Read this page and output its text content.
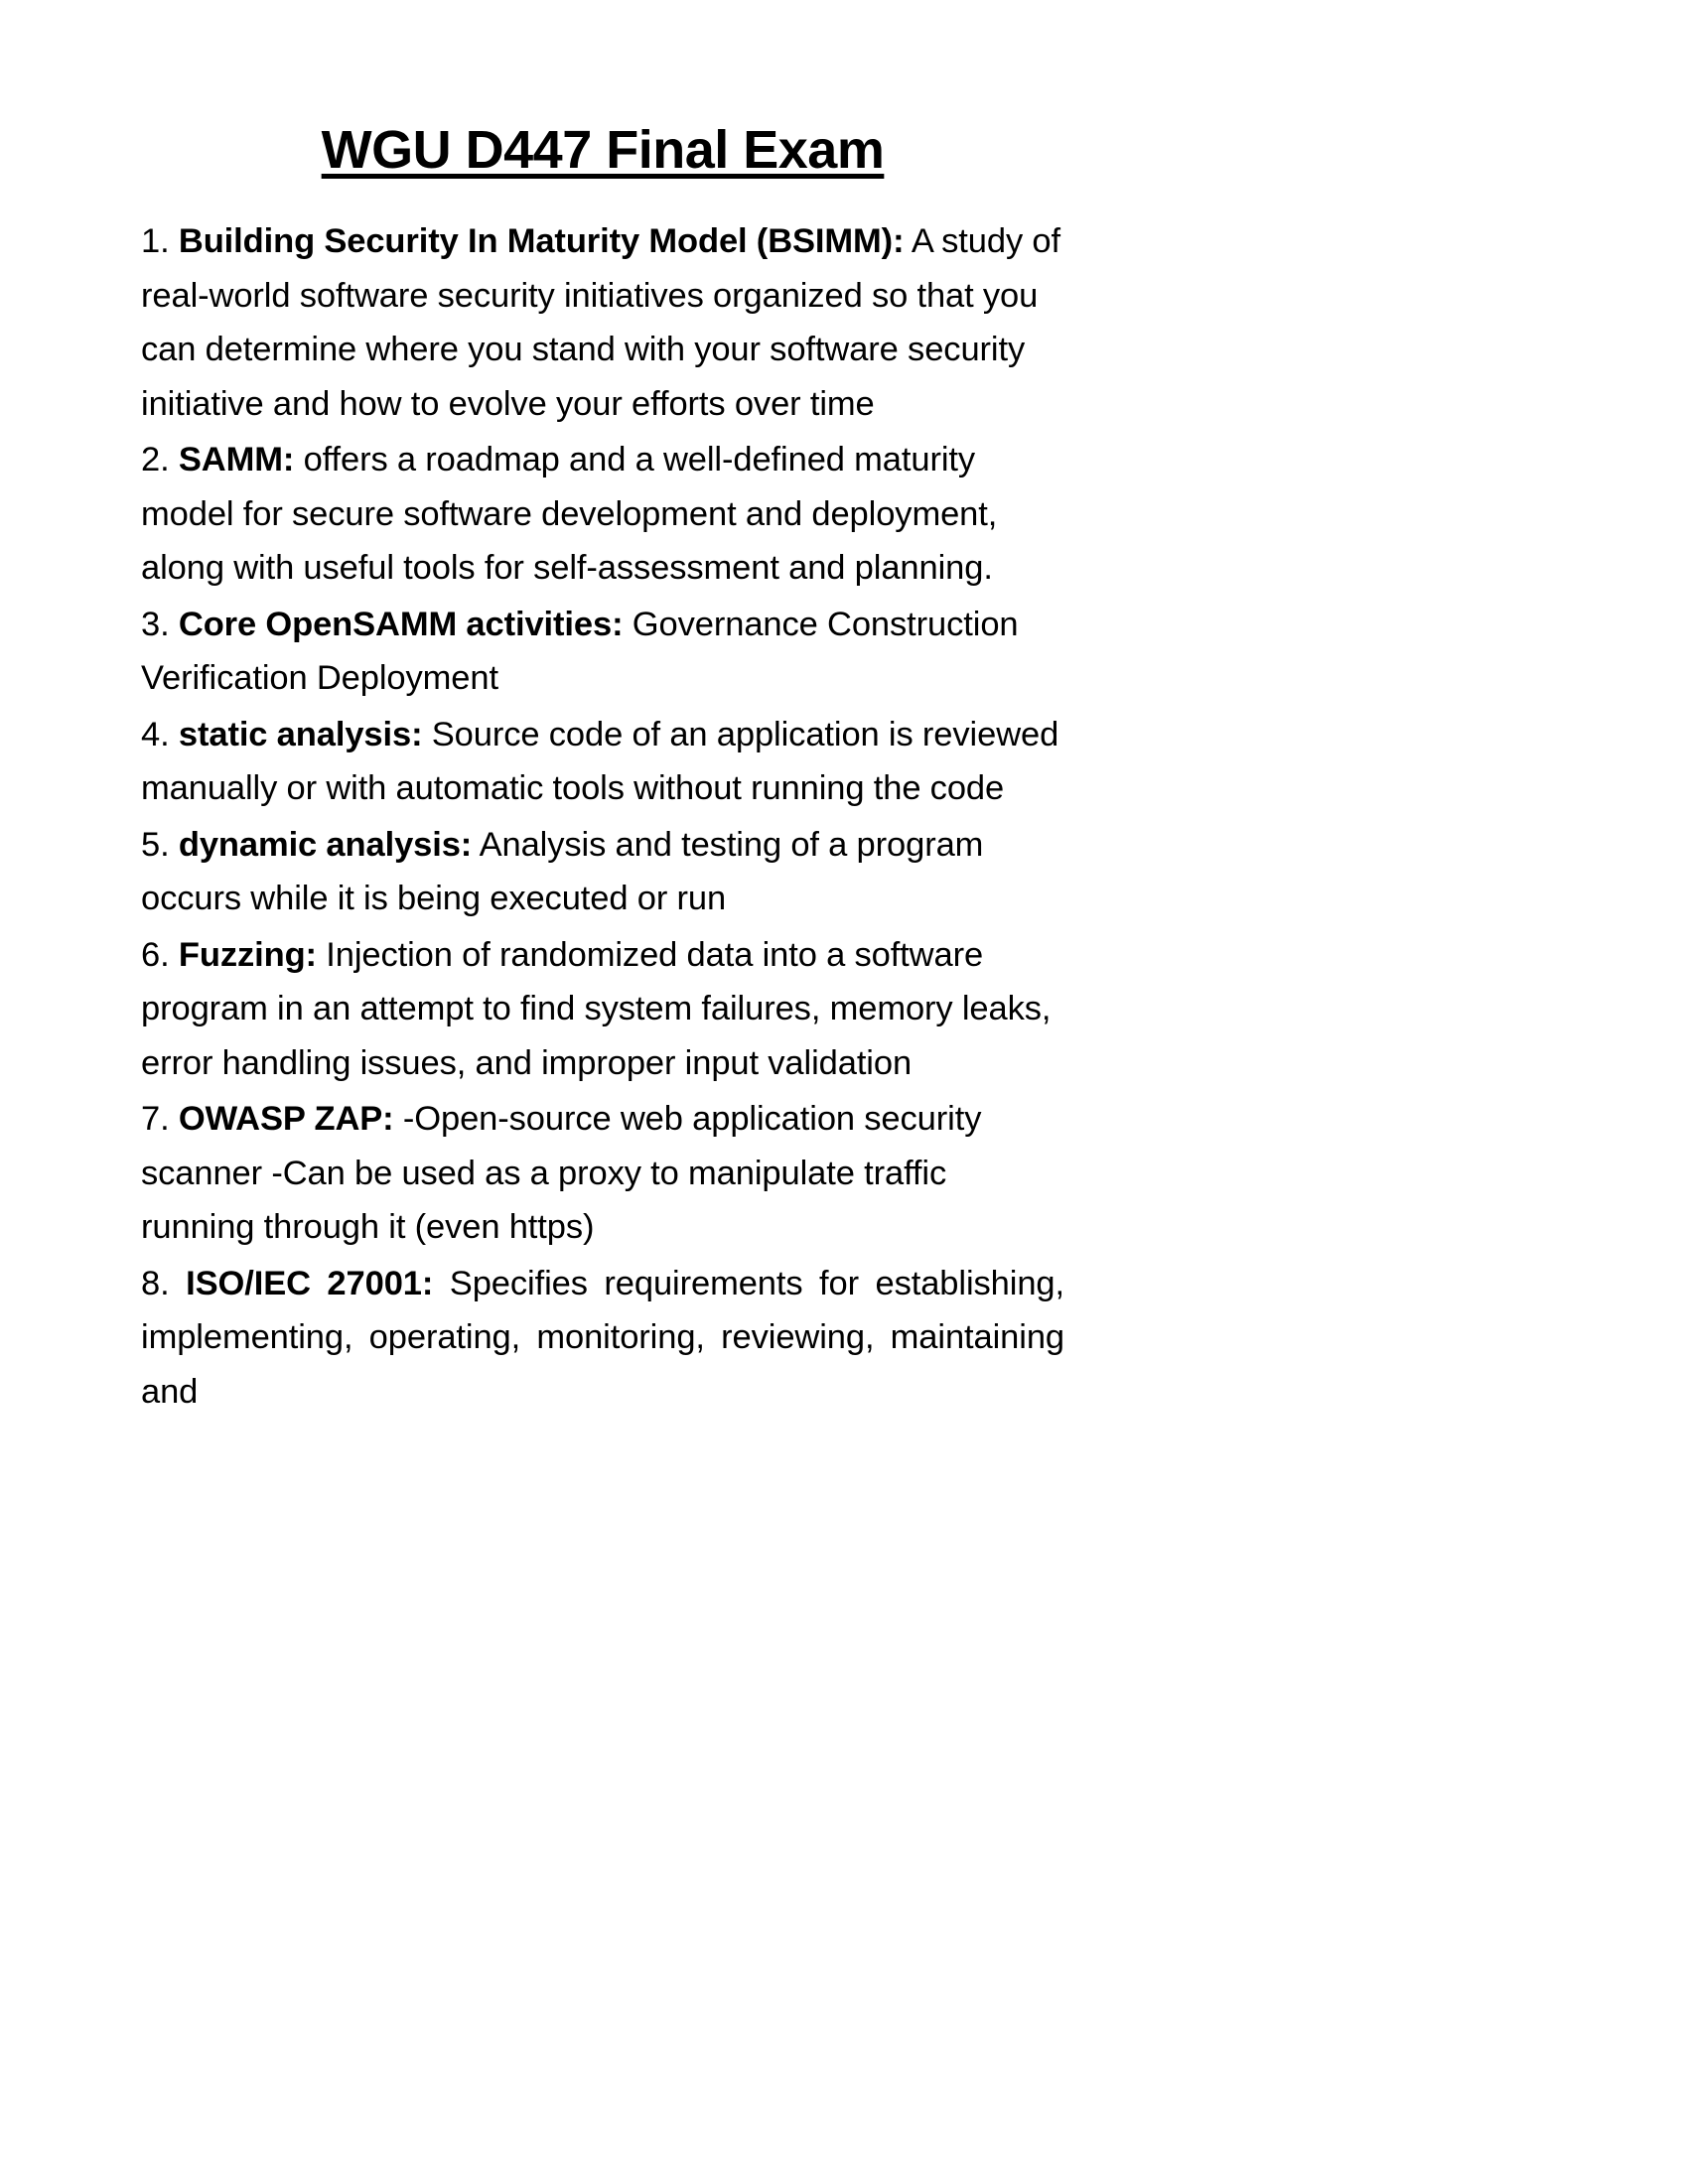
WGU D447 Final Exam

1. Building Security In Maturity Model (BSIMM): A study of real-world software security initiatives organized so that you can determine where you stand with your software security initiative and how to evolve your efforts over time

2. SAMM: offers a roadmap and a well-defined maturity model for secure software development and deployment, along with useful tools for self-assessment and planning.

3. Core OpenSAMM activities: Governance Construction Verification Deployment

4. static analysis: Source code of an application is reviewed manually or with automatic tools without running the code

5. dynamic analysis: Analysis and testing of a program occurs while it is being executed or run

6. Fuzzing: Injection of randomized data into a software program in an attempt to find system failures, memory leaks, error handling issues, and improper input validation

7. OWASP ZAP: -Open-source web application security scanner -Can be used as a proxy to manipulate traffic running through it (even https)

8. ISO/IEC 27001: Specifies requirements for establishing, implementing, operating, monitoring, reviewing, maintaining and
